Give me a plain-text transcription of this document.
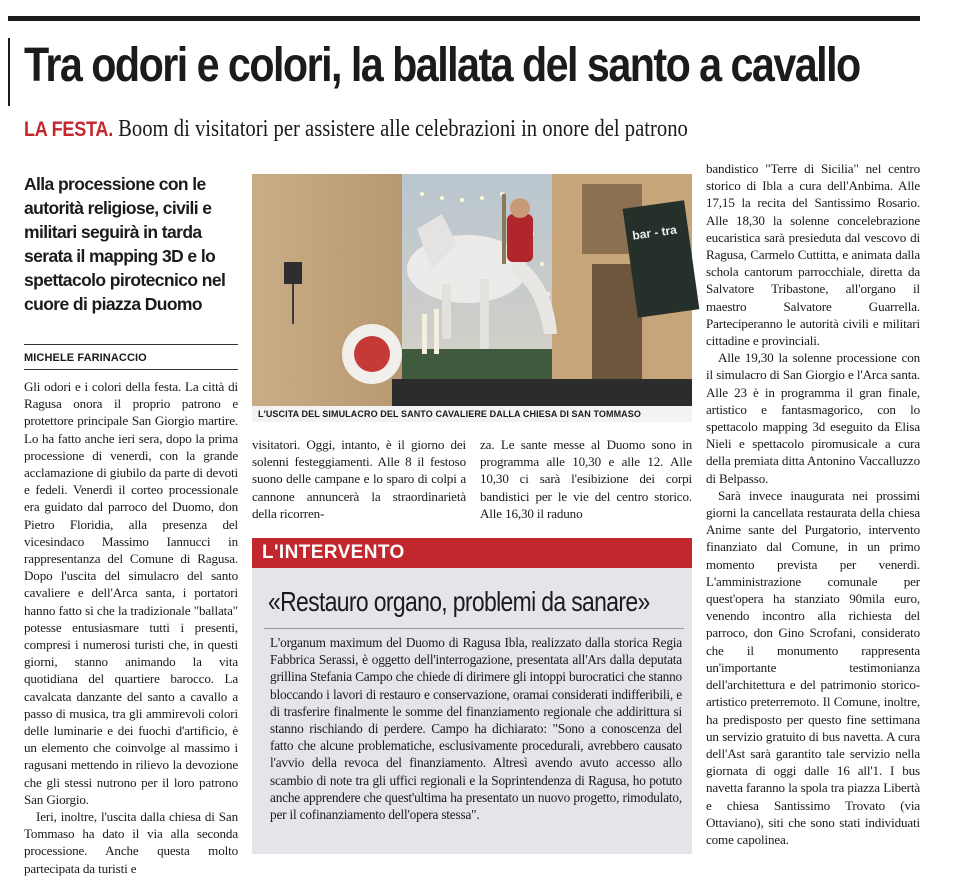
Tra odori e colori, la ballata del santo a cavallo
LA FESTA. Boom di visitatori per assistere alle celebrazioni in onore del patrono
Alla processione con le autorità religiose, civili e militari seguirà in tarda serata il mapping 3D e lo spettacolo pirotecnico nel cuore di piazza Duomo
MICHELE FARINACCIO

Gli odori e i colori della festa. La città di Ragusa onora il proprio patrono e protettore principale San Giorgio martire. Lo ha fatto anche ieri sera, dopo la prima processione di venerdì, con la grande acclamazione di giubilo da parte di devoti e fedeli. Venerdì il corteo processionale era guidato dal parroco del Duomo, don Pietro Floridia, alla presenza del vicesindaco Massimo Iannucci in rappresentanza del Comune di Ragusa. Dopo l'uscita del simulacro del santo cavaliere e dell'Arca santa, i portatori hanno fatto sì che la tradizionale "ballata" potesse entusiasmare tutti i presenti, compresi i numerosi turisti che, in questi giorni, stanno animando la vita quotidiana del quartiere barocco. La cavalcata danzante del santo a cavallo a passo di musica, tra gli ammirevoli colori delle luminarie e dei fuochi d'artificio, è un elemento che coinvolge al massimo i ragusani mettendo in rilievo la devozione che gli stessi nutrono per il loro patrono San Giorgio.

Ieri, inoltre, l'uscita dalla chiesa di San Tommaso ha dato il via alla seconda processione. Anche questa molto partecipata da turisti e

bar - tra
L'USCITA DEL SIMULACRO DEL SANTO CAVALIERE DALLA CHIESA DI SAN TOMMASO

visitatori. Oggi, intanto, è il giorno dei solenni festeggiamenti. Alle 8 il festoso suono delle campane e lo sparo di colpi a cannone annuncerà la straordinarietà della ricorren-

za. Le sante messe al Duomo sono in programma alle 10,30 e alle 12. Alle 10,30 ci sarà l'esibizione dei corpi bandistici per le vie del centro storico. Alle 16,30 il raduno

bandistico "Terre di Sicilia" nel centro storico di Ibla a cura dell'Anbima. Alle 17,15 la recita del Santissimo Rosario. Alle 18,30 la solenne concelebrazione eucaristica sarà presieduta dal vescovo di Ragusa, Carmelo Cuttitta, e animata dalla schola cantorum parrocchiale, diretta da Salvatore Tribastone, all'organo il maestro Salvatore Guarrella. Parteciperanno le autorità civili e militari cittadine e provinciali.

Alle 19,30 la solenne processione con il simulacro di San Giorgio e l'Arca santa. Alle 23 è in programma il gran finale, artistico e fantasmagorico, con lo spettacolo mapping 3d eseguito da Elisa Nieli e spettacolo piromusicale a cura della premiata ditta Antonino Vaccalluzzo di Belpasso.

Sarà invece inaugurata nei prossimi giorni la cancellata restaurata della chiesa Anime sante del Purgatorio, intervento finanziato dal Comune, in un primo momento prevista per venerdì. L'amministrazione comunale per quest'opera ha stanziato 90mila euro, venendo incontro alla richiesta del parroco, don Gino Scrofani, considerato che il monumento rappresenta un'importante testimonianza dell'architettura e del patrimonio storico-artistico preterremoto. Il Comune, inoltre, ha predisposto per questo fine settimana un servizio gratuito di bus navetta. A cura dell'Ast sarà garantito tale servizio nella giornata di oggi dalle 16 all'1. I bus navetta faranno la spola tra piazza Libertà e chiesa Santissimo Trovato (via Ottaviano), siti che sono stati individuati come capolinea.

L'INTERVENTO
«Restauro organo, problemi da sanare»
L'organum maximum del Duomo di Ragusa Ibla, realizzato dalla storica Regia Fabbrica Serassi, è oggetto dell'interrogazione, presentata all'Ars dalla deputata grillina Stefania Campo che chiede di dirimere gli intoppi burocratici che stanno bloccando i lavori di restauro e conservazione, oramai considerati indifferibili, e di trasferire finalmente le somme del finanziamento regionale che addirittura si stanno rischiando di perdere. Campo ha dichiarato: "Sono a conoscenza del fatto che alcune problematiche, esclusivamente procedurali, avrebbero causato l'avvio della revoca del finanziamento. Altresì avendo avuto accesso allo scambio di note tra gli uffici regionali e la Soprintendenza di Ragusa, ho potuto anche apprendere che quest'ultima ha presentato un nuovo progetto, rimodulato, per il cofinanziamento dell'opera stessa".
